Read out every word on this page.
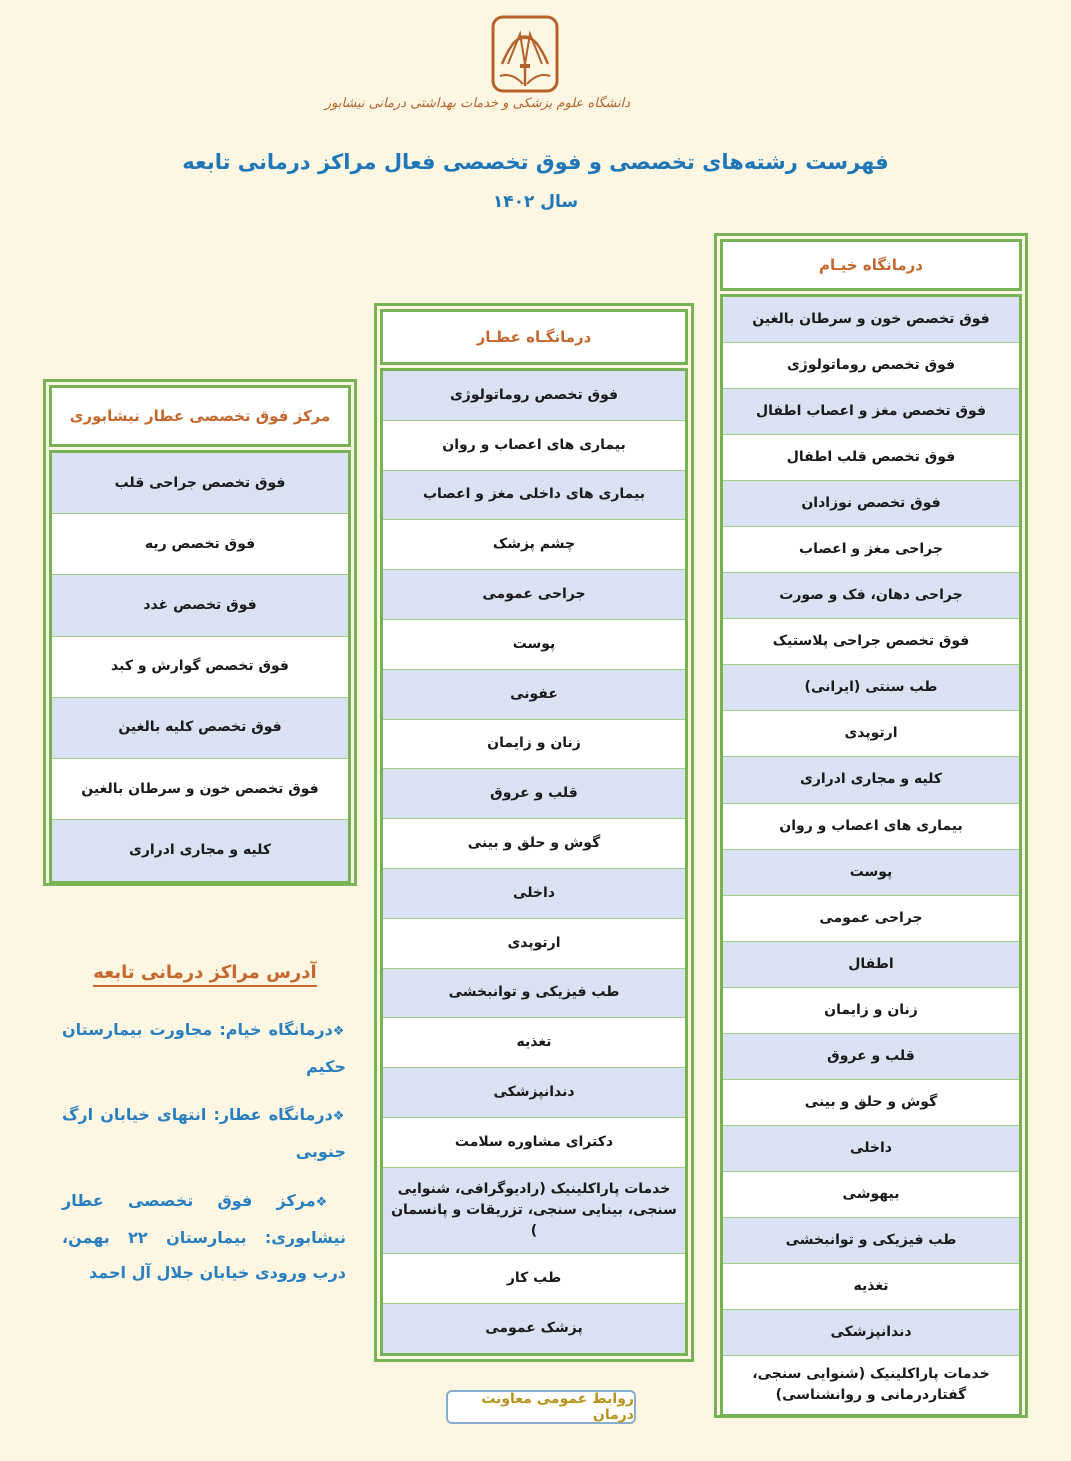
دانشگاه علوم پزشکی و خدمات بهداشتی درمانی نیشابور
فهرست رشته‌های تخصصی و فوق تخصصی فعال مراکز درمانی تابعه
سال ۱۴۰۲
درمانگاه خیـام
فوق تخصص خون و سرطان بالغین
فوق تخصص روماتولوژی
فوق تخصص مغز و اعصاب اطفال
فوق تخصص قلب اطفال
فوق تخصص نوزادان
جراحی مغز و اعصاب
جراحی دهان، فک و صورت
فوق تخصص جراحی پلاستیک
طب سنتی (ایرانی)
ارتوپدی
کلیه و مجاری ادراری
بیماری های اعصاب و روان
پوست
جراحی عمومی
اطفال
زنان و زایمان
قلب و عروق
گوش و حلق و بینی
داخلی
بیهوشی
طب فیزیکی و توانبخشی
تغذیه
دندانپزشکی
خدمات پاراکلینیک (شنوایی سنجی، گفتاردرمانی و روانشناسی)
درمانگـاه عطـار
فوق تخصص روماتولوژی
بیماری های اعصاب و روان
بیماری های داخلی مغز و اعصاب
چشم پزشک
جراحی عمومی
پوست
عفونی
زنان و زایمان
قلب و عروق
گوش و حلق و بینی
داخلی
ارتوپدی
طب فیزیکی و توانبخشی
تغذیه
دندانپزشکی
دکترای مشاوره سلامت
خدمات پاراکلینیک (رادیوگرافی، شنوایی سنجی، بینایی سنجی، تزریقات و پانسمان )
طب کار
پزشک عمومی
مرکز فوق تخصصی عطار نیشابوری
فوق تخصص جراحی قلب
فوق تخصص ریه
فوق تخصص غدد
فوق تخصص گوارش و کبد
فوق تخصص کلیه بالغین
فوق تخصص خون و سرطان بالغین
کلیه و مجاری ادراری
آدرس مراکز درمانی تابعه
❖درمانگاه خیام: مجاورت بیمارستان حکیم
❖درمانگاه عطار: انتهای خیابان ارگ جنوبی
❖مرکز فوق تخصصی عطار نیشابوری: بیمارستان ۲۲ بهمن، درب ورودی خیابان جلال آل احمد
روابط عمومی معاونت درمان
